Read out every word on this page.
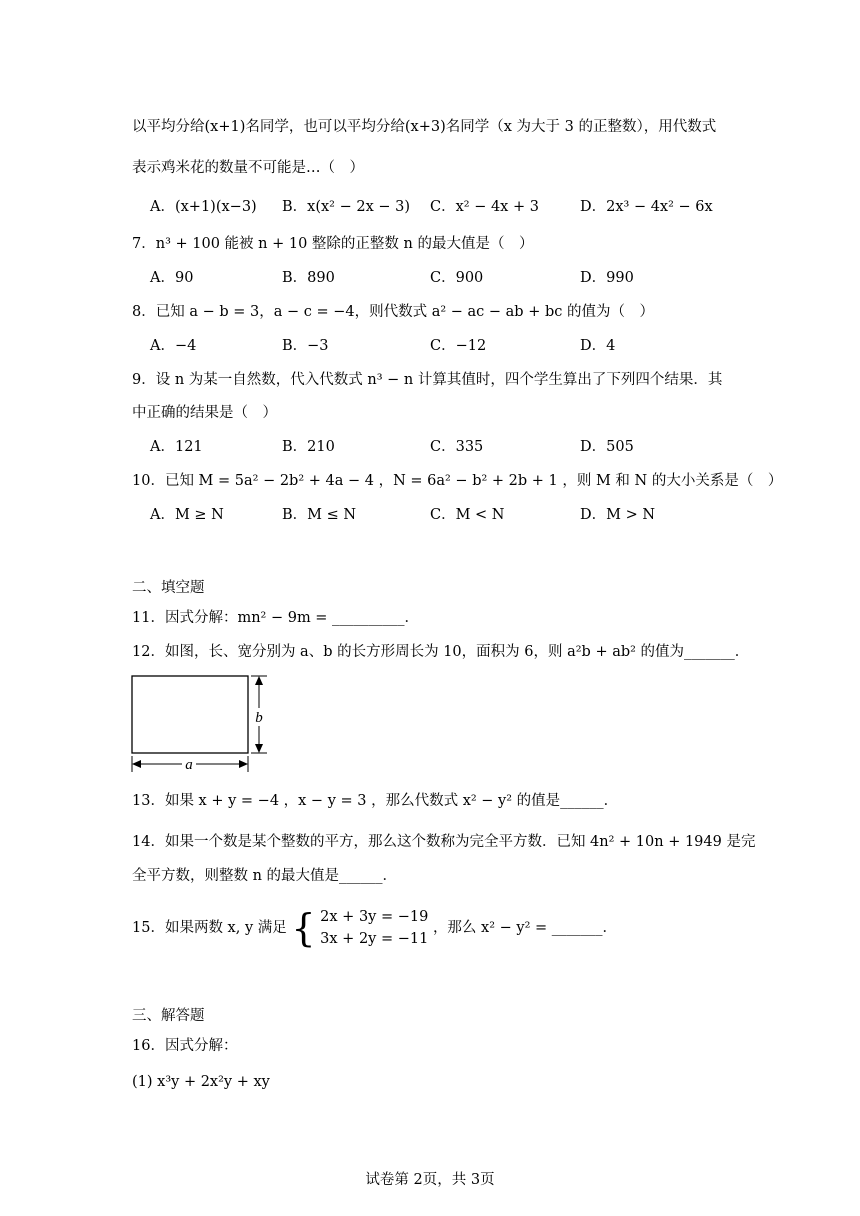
以平均分给(x+1)名同学，也可以平均分给(x+3)名同学（x 为大于 3 的正整数），用代数式
表示鸡米花的数量不可能是…（　）
A．(x+1)(x−3) B．x(x² − 2x − 3) C．x² − 4x + 3	D．2x³ − 4x² − 6x
7．n³ + 100 能被 n + 10 整除的正整数 n 的最大值是（　）
A．90	B．890	C．900	D．990
8．已知 a − b = 3，a − c = −4，则代数式 a² − ac − ab + bc 的值为（　）
A．−4	B．−3	C．−12	D．4
9．设 n 为某一自然数，代入代数式 n³ − n 计算其值时，四个学生算出了下列四个结果．其
中正确的结果是（　）
A．121	B．210	C．335	D．505
10．已知 M = 5a² − 2b² + 4a − 4 ，N = 6a² − b² + 2b + 1 ，则 M 和 N 的大小关系是（　）
A．M ≥ N	B．M ≤ N	C．M < N	D．M > N
二、填空题
11．因式分解：mn² − 9m = __________．
12．如图，长、宽分别为 a、b 的长方形周长为 10，面积为 6，则 a²b + ab² 的值为_______．
b
a
13．如果 x + y = −4 ，x − y = 3 ，那么代数式 x² − y² 的值是______．
14．如果一个数是某个整数的平方，那么这个数称为完全平方数．已知 4n² + 10n + 1949 是完
全平方数，则整数 n 的最大值是______．
15．如果两数 x, y 满足 { 2x + 3y = −19
3x + 2y = −11
，那么 x² − y² = _______．
三、解答题
16．因式分解：
(1) x³y + 2x²y + xy
试卷第 2页，共 3页
